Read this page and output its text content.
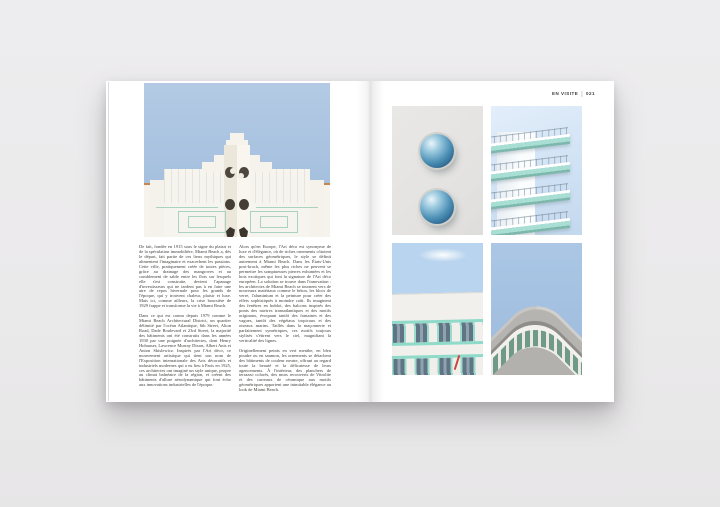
De fait, fondée en 1915 sous le signe du plaisir et de la spéculation immobilière, Miami Beach a, dès le départ, fait partie de ces lieux mythiques qui alimentent l'imaginaire et exacerbent les passions. Cette ville, pratiquement créée de toutes pièces, grâce au drainage des mangroves et au comblement de sable entre les îlots sur lesquels elle s'est construite, devient l'apanage d'investisseurs qui ne tardent pas à en faire une aire de repos hivernale pour les grands de l'époque, qui y trouvent chaleur, plaisir et luxe. Mais ici, comme ailleurs, la crise boursière de 1929 frappe et transforme la vie à Miami Beach.

Dans ce qui est connu depuis 1979 comme le Miami Beach Architectural District, un quartier délimité par l'océan Atlantique, 6th Street, Alton Road, Dade Boulevard et 23rd Street, la majorité des bâtiments ont été construits dans les années 1930 par une poignée d'architectes, dont Henry Hohauser, Lawrence Murray Dixon, Albert Anis et Anton Skislewicz. Inspirés par l'Art déco, ce mouvement artistique qui tient son nom de l'Exposition internationale des Arts décoratifs et industriels modernes qui a eu lieu à Paris en 1925, ces architectes ont imaginé un style unique, propre au climat balnéaire de la région, et créent des bâtiments d'allure aérodynamique qui font écho aux innovations industrielles de l'époque.

Alors qu'en Europe, l'Art déco est synonyme de luxe et d'élégance, où de riches ornements côtoient des surfaces géométriques, le style se définit autrement à Miami Beach. Dans les États-Unis post-krach, même les plus riches ne peuvent se permettre les somptueuses pierres exhumées et les bois exotiques qui font la signature de l'Art déco européen. La solution se trouve dans l'innovation : les architectes de Miami Beach se tournent vers de nouveaux matériaux comme le béton, les blocs de verre, l'aluminium et la peinture pour créer des effets sophistiqués à moindre coût. Ils imaginent des fenêtres en hublot, des balcons inspirés des ponts des navires transatlantiques et des motifs originaux, évoquant tantôt des fontaines et des vagues, tantôt des végétaux tropicaux et des oiseaux marins. Taillés dans la maçonnerie et parfaitement symétriques, ces motifs toujours stylisés s'étirent vers le ciel, magnifiant la verticalité des lignes.

Originellement peints en vert menthe, en bleu poudre ou en saumon, les ornements se détachent des bâtiments de couleur neutre, offrant au regard toute la beauté et la délicatesse de leurs agencements. À l'intérieur, des planchers de terrazzo colorés, des murs recouverts de Vitrolite et des carreaux de céramique aux motifs géométriques apportent une inimitable élégance au look de Miami Beach.

EN VISITE | 021
